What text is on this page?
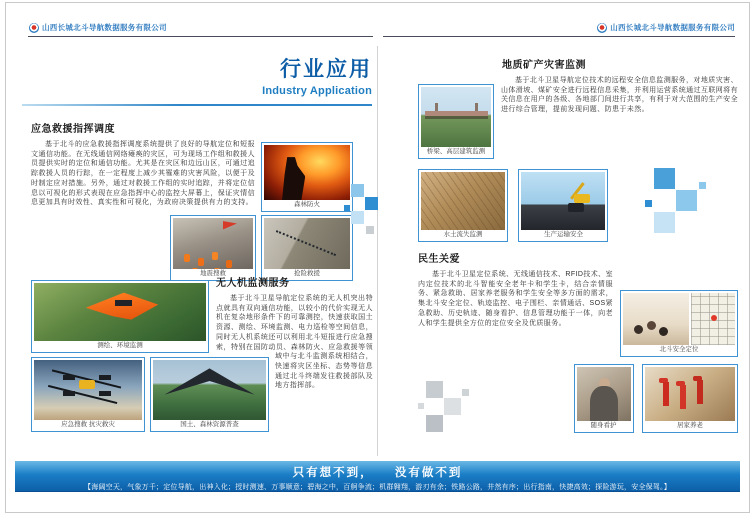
山西长城北斗导航数据服务有限公司	山西长城北斗导航数据服务有限公司
行业应用
Industry Application
应急救援指挥调度
森林防火
抢险救援
地震搜救

基于北斗的应急救援指挥调度系统提供了良好的导航定位和短报文通信功能。在无线通信网络瘫痪的灾区，可为现场工作组和救援人员提供实时的定位和通信功能。尤其是在灾区和边远山区，可通过追踪救援人员的行踪，在一定程度上减少其罹难的灾害风险，以便于及时制定应对措施。另外，通过对救援工作组的实时追踪，并将定位信息以可视化的形式表现在应急指挥中心的监控大屏幕上，保证灾情信息更加具有时效性、真实性和可视化，为政府决策提供有力的支持。

测绘、环境监测
应急搜救 抗灾救灾	国土、森林资源普查
无人机监测服务

基于北斗卫星导航定位系统的无人机突出特点就具有双向通信功能，以较小的代价实现无人机在复杂地形条件下的可靠测控，快速获取国土资源、测绘、环境监测、电力巡检等空间信息，同时无人机系统还可以利用北斗短报进行应急搜索，特别在国防动员、森林防火、应急救援等领域中与北斗监测系统相结合，快速将灾区坐标、态势等信息通过北斗终端发往救援部队及地方指挥部。

地质矿产灾害监测
桥梁、高层建筑监测

基于北斗卫星导航定位技术的远程安全信息监测服务，对地质灾害、山体滑坡、煤矿安全进行远程信息采集，并利用运营系统通过互联网将有关信息在用户的各级、各地部门间进行共享，有利于对大范围的生产安全进行综合管理，提前发现问题、防患于未然。

水土流失监测
	生产运输安全
民生关爱
北斗安全定位
随身看护
	居家养老

基于北斗卫星定位系统、无线通信技术、RFID技术、室内定位技术的北斗智能安全老年卡和学生卡，结合亲情服务、紧急救助、居家养老服务和学生安全等多方面的需求，集北斗安全定位、轨迹监控、电子围栏、亲情通话、SOS紧急救助、历史轨迹、随身看护、信息管理功能于一体，向老人和学生提供全方位的定位安全及优质服务。

只有想不到，　　没有做不到
【海阔空天，气象万千；定位导航，出神入化；授时测速、万事顺意；碧海之中，百舸争流；机群翱翔，游刃有余；铁路公路，井然有序；出行指南，快捷高效；探险游玩，安全保驾。】
